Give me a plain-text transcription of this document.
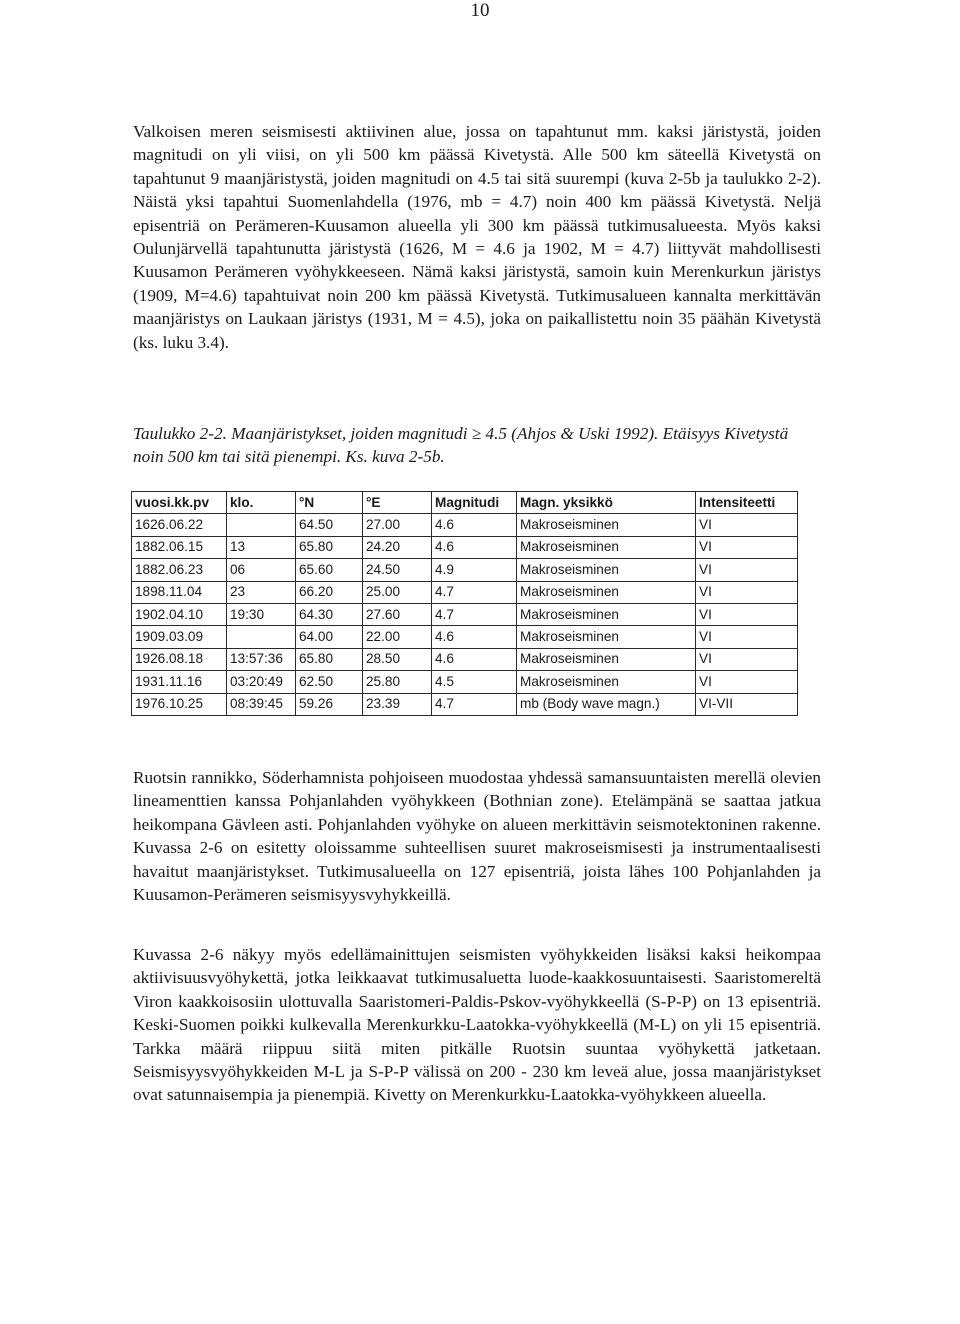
10

Valkoisen meren seismisesti aktiivinen alue, jossa on tapahtunut mm. kaksi järistystä, joiden magnitudi on yli viisi, on yli 500 km päässä Kivetystä. Alle 500 km säteellä Kivetystä on tapahtunut 9 maanjäristystä, joiden magnitudi on 4.5 tai sitä suurempi (kuva 2-5b ja taulukko 2-2). Näistä yksi tapahtui Suomenlahdella (1976, mb = 4.7) noin 400 km päässä Kivetystä. Neljä episentriä on Perämeren-Kuusamon alueella yli 300 km päässä tutkimusalueesta. Myös kaksi Oulunjärvellä tapahtunutta järistystä (1626, M = 4.6 ja 1902, M = 4.7) liittyvät mahdollisesti Kuusamon Perämeren vyöhykkeeseen. Nämä kaksi järistystä, samoin kuin Merenkurkun järistys (1909, M=4.6) tapahtuivat noin 200 km päässä Kivetystä. Tutkimusalueen kannalta merkittävän maanjäristys on Laukaan järistys (1931, M = 4.5), joka on paikallistettu noin 35 päähän Kivetystä (ks. luku 3.4).

Taulukko 2-2. Maanjäristykset, joiden magnitudi ≥ 4.5 (Ahjos & Uski 1992). Etäisyys Kivetystä noin 500 km tai sitä pienempi. Ks. kuva 2-5b.

vuosi.kk.pv	klo.	°N	°E	Magnitudi	Magn. yksikkö	Intensiteetti
1626.06.22		64.50	27.00	4.6	Makroseisminen	VI
1882.06.15	13	65.80	24.20	4.6	Makroseisminen	VI
1882.06.23	06	65.60	24.50	4.9	Makroseisminen	VI
1898.11.04	23	66.20	25.00	4.7	Makroseisminen	VI
1902.04.10	19:30	64.30	27.60	4.7	Makroseisminen	VI
1909.03.09		64.00	22.00	4.6	Makroseisminen	VI
1926.08.18	13:57:36	65.80	28.50	4.6	Makroseisminen	VI
1931.11.16	03:20:49	62.50	25.80	4.5	Makroseisminen	VI
1976.10.25	08:39:45	59.26	23.39	4.7	mb (Body wave magn.)	VI-VII

Ruotsin rannikko, Söderhamnista pohjoiseen muodostaa yhdessä samansuuntaisten merellä olevien lineamenttien kanssa Pohjanlahden vyöhykkeen (Bothnian zone). Etelämpänä se saattaa jatkua heikompana Gävleen asti. Pohjanlahden vyöhyke on alueen merkittävin seismotektoninen rakenne. Kuvassa 2-6 on esitetty oloissamme suhteellisen suuret makroseismisesti ja instrumentaalisesti havaitut maanjäristykset. Tutkimusalueella on 127 episentriä, joista lähes 100 Pohjanlahden ja Kuusamon-Perämeren seismisyysvyhykkeillä.

Kuvassa 2-6 näkyy myös edellämainittujen seismisten vyöhykkeiden lisäksi kaksi heikompaa aktiivisuusvyöhykettä, jotka leikkaavat tutkimusaluetta luode-kaakkosuuntaisesti. Saaristomereltä Viron kaakkoisosiin ulottuvalla Saaristomeri-Paldis-Pskov-vyöhykkeellä (S-P-P) on 13 episentriä. Keski-Suomen poikki kulkevalla Merenkurkku-Laatokka-vyöhykkeellä (M-L) on yli 15 episentriä. Tarkka määrä riippuu siitä miten pitkälle Ruotsin suuntaa vyöhykettä jatketaan. Seismisyysvyöhykkeiden M-L ja S-P-P välissä on 200 - 230 km leveä alue, jossa maanjäristykset ovat satunnaisempia ja pienempiä. Kivetty on Merenkurkku-Laatokka-vyöhykkeen alueella.
